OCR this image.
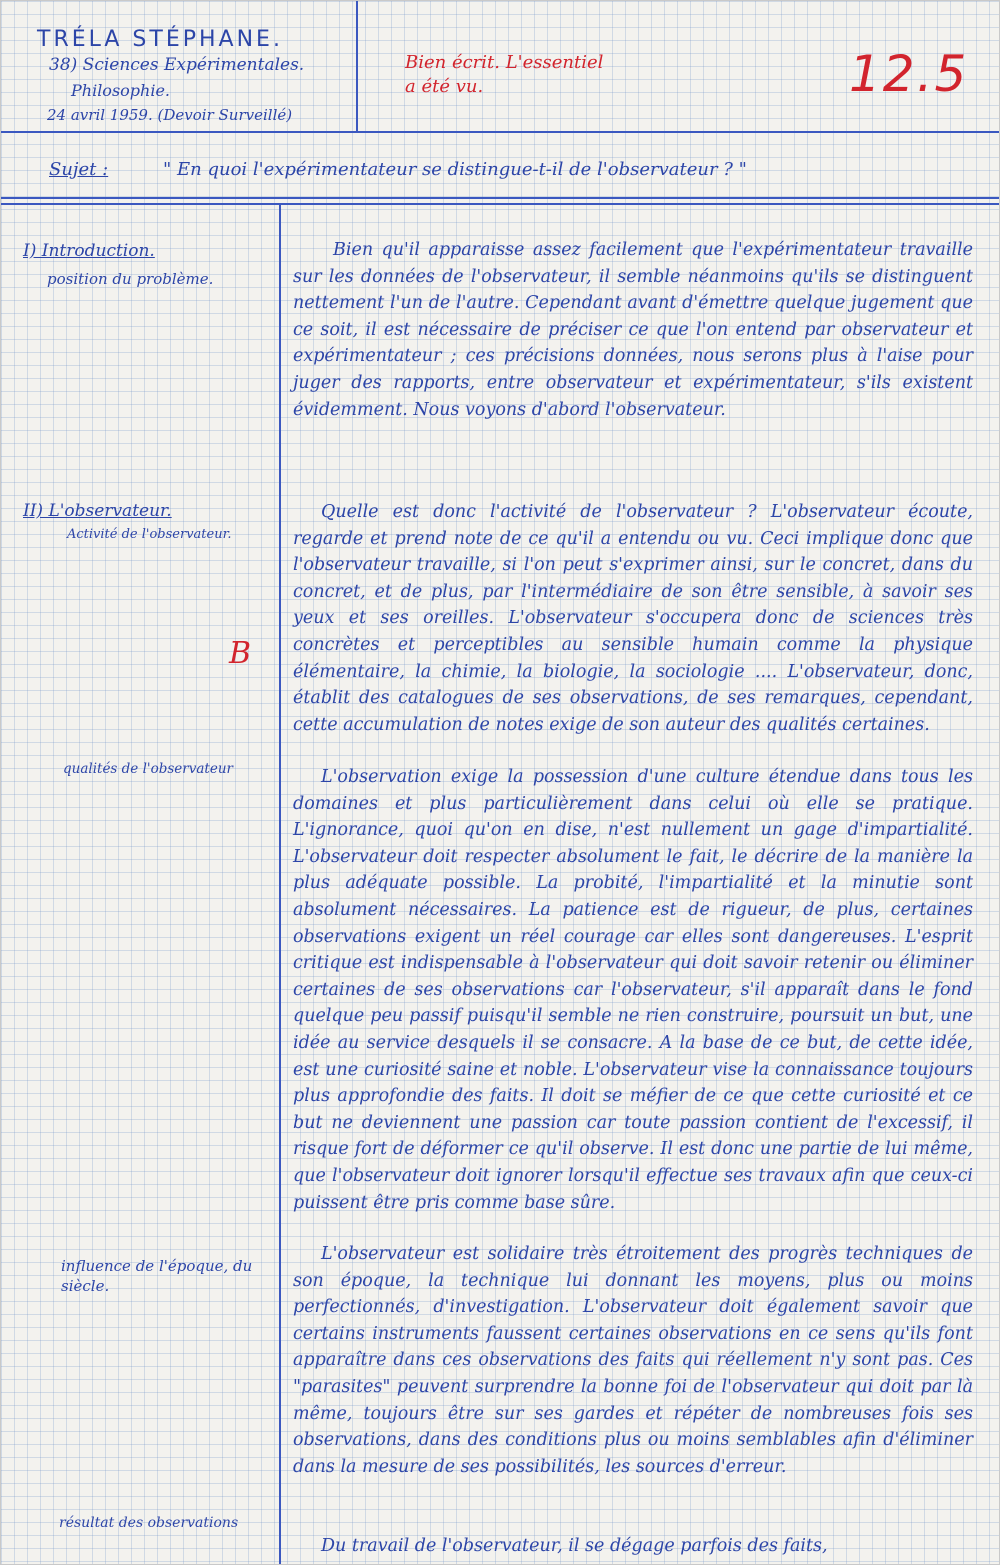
TRÉLA STÉPHANE.
38) Sciences Expérimentales.
Philosophie.
24 avril 1959. (Devoir Surveillé)
Bien écrit. L'essentiel a été vu.	12.5
Sujet :	" En quoi l'expérimentateur se distingue-t-il de l'observateur ? "
I) Introduction.
position du problème.
II) L'observateur.
Activité de l'observateur.
B
qualités de l'observateur
influence de l'époque, du siècle.
résultat des observations
Bien qu'il apparaisse assez facilement que l'expérimentateur travaille sur les données de l'observateur, il semble néanmoins qu'ils se distinguent nettement l'un de l'autre. Cependant avant d'émettre quelque jugement que ce soit, il est nécessaire de préciser ce que l'on entend par observateur et expérimentateur ; ces précisions données, nous serons plus à l'aise pour juger des rapports, entre observateur et expérimentateur, s'ils existent évidemment. Nous voyons d'abord l'observateur.
Quelle est donc l'activité de l'observateur ? L'observateur écoute, regarde et prend note de ce qu'il a entendu ou vu. Ceci implique donc que l'observateur travaille, si l'on peut s'exprimer ainsi, sur le concret, dans du concret, et de plus, par l'intermédiaire de son être sensible, à savoir ses yeux et ses oreilles. L'observateur s'occupera donc de sciences très concrètes et perceptibles au sensible humain comme la physique élémentaire, la chimie, la biologie, la sociologie .... L'observateur, donc, établit des catalogues de ses observations, de ses remarques, cependant, cette accumulation de notes exige de son auteur des qualités certaines.
L'observation exige la possession d'une culture étendue dans tous les domaines et plus particulièrement dans celui où elle se pratique. L'ignorance, quoi qu'on en dise, n'est nullement un gage d'impartialité. L'observateur doit respecter absolument le fait, le décrire de la manière la plus adéquate possible. La probité, l'impartialité et la minutie sont absolument nécessaires. La patience est de rigueur, de plus, certaines observations exigent un réel courage car elles sont dangereuses. L'esprit critique est indispensable à l'observateur qui doit savoir retenir ou éliminer certaines de ses observations car l'observateur, s'il apparaît dans le fond quelque peu passif puisqu'il semble ne rien construire, poursuit un but, une idée au service desquels il se consacre. A la base de ce but, de cette idée, est une curiosité saine et noble. L'observateur vise la connaissance toujours plus approfondie des faits. Il doit se méfier de ce que cette curiosité et ce but ne deviennent une passion car toute passion contient de l'excessif, il risque fort de déformer ce qu'il observe. Il est donc une partie de lui même, que l'observateur doit ignorer lorsqu'il effectue ses travaux afin que ceux-ci puissent être pris comme base sûre.
L'observateur est solidaire très étroitement des progrès techniques de son époque, la technique lui donnant les moyens, plus ou moins perfectionnés, d'investigation. L'observateur doit également savoir que certains instruments faussent certaines observations en ce sens qu'ils font apparaître dans ces observations des faits qui réellement n'y sont pas. Ces "parasites" peuvent surprendre la bonne foi de l'observateur qui doit par là même, toujours être sur ses gardes et répéter de nombreuses fois ses observations, dans des conditions plus ou moins semblables afin d'éliminer dans la mesure de ses possibilités, les sources d'erreur.
Du travail de l'observateur, il se dégage parfois des faits,
